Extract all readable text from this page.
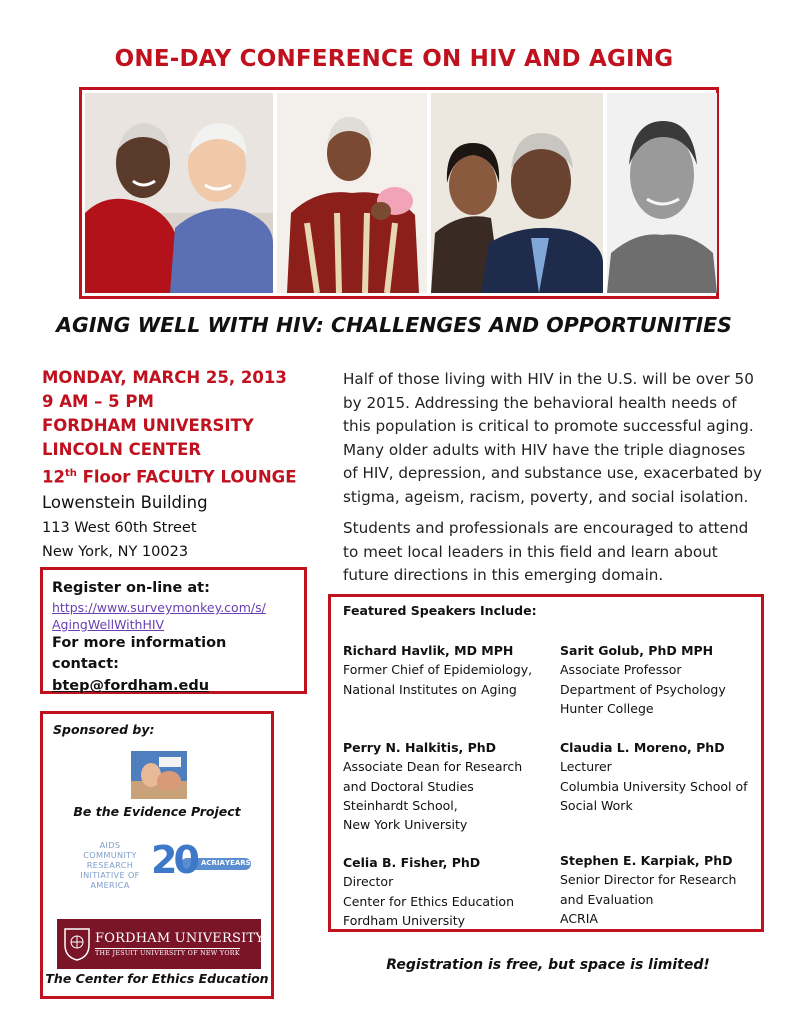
ONE-DAY CONFERENCE ON HIV AND AGING
AGING WELL WITH HIV: CHALLENGES AND OPPORTUNITIES
MONDAY, MARCH 25, 2013
9 AM – 5 PM
FORDHAM UNIVERSITY
LINCOLN CENTER
12th Floor FACULTY LOUNGE
Lowenstein Building
113 West 60th Street
New York, NY 10023

Half of those living with HIV in the U.S. will be over 50 by 2015. Addressing the behavioral health needs of this population is critical to promote successful aging. Many older adults with HIV have the triple diagnoses of HIV, depression, and substance use, exacerbated by stigma, ageism, racism, poverty, and social isolation.

Students and professionals are encouraged to attend to meet local leaders in this field and learn about future directions in this emerging domain.

Register on-line at:
https://www.surveymonkey.com/s/
AgingWellWithHIV
For more information contact:
btep@fordham.edu
Sponsored by:
Be the Evidence Project
AIDS
COMMUNITY
RESEARCH
INITIATIVE OF
AMERICA
20 ACRIA YEARS
FORDHAM UNIVERSITY
THE JESUIT UNIVERSITY OF NEW YORK
The Center for Ethics Education
Featured Speakers Include:
Richard Havlik, MD MPH
Former Chief of Epidemiology,
National Institutes on Aging
Sarit Golub, PhD MPH
Associate Professor
Department of Psychology
Hunter College
Perry N. Halkitis, PhD
Associate Dean for Research
and Doctoral Studies
Steinhardt School,
New York University
Claudia L. Moreno, PhD
Lecturer
Columbia University School of
Social Work
Celia B. Fisher, PhD
Director
Center for Ethics Education
Fordham University
Stephen E. Karpiak, PhD
Senior Director for Research
and Evaluation
ACRIA
Registration is free, but space is limited!
